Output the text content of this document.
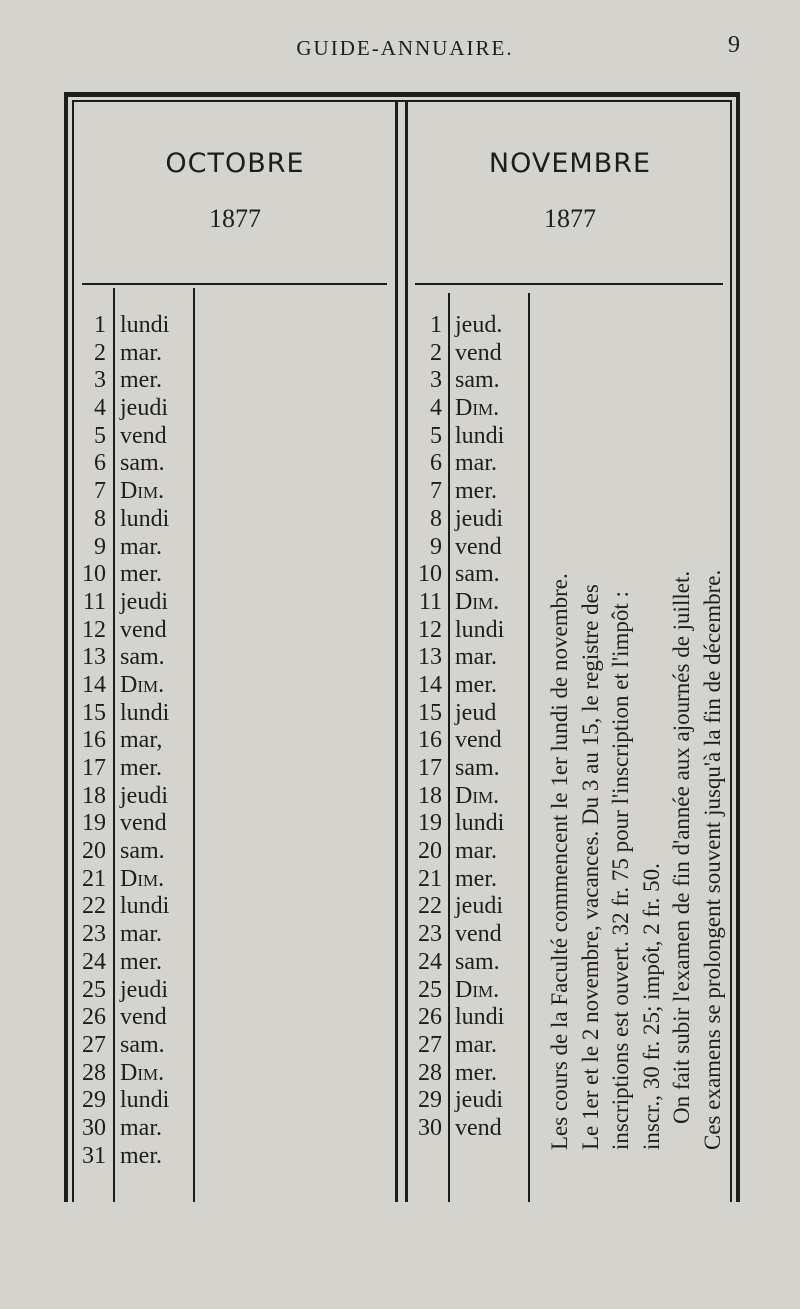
GUIDE-ANNUAIRE.	9
OCTOBRE
1877
NOVEMBRE
1877
1 lundi
2 mar.
3 mer.
4 jeudi
5 vend
6 sam.
7 Dim.
8 lundi
9 mar.
10 mer.
11 jeudi
12 vend
13 sam.
14 Dim.
15 lundi
16 mar,
17 mer.
18 jeudi
19 vend
20 sam.
21 Dim.
22 lundi
23 mar.
24 mer.
25 jeudi
26 vend
27 sam.
28 Dim.
29 lundi
30 mar.
31 mer.
1 jeud.
2 vend
3 sam.
4 Dim.
5 lundi
6 mar.
7 mer.
8 jeudi
9 vend
10 sam.
11 Dim.
12 lundi
13 mar.
14 mer.
15 jeud
16 vend
17 sam.
18 Dim.
19 lundi
20 mar.
21 mer.
22 jeudi
23 vend
24 sam.
25 Dim.
26 lundi
27 mar.
28 mer.
29 jeudi
30 vend Les cours de la Faculté commencent le 1er lundi de novembre. Le 1er et le 2 novembre, vacances. Du 3 au 15, le registre des inscriptions est ouvert. 32 fr. 75 pour l'inscription et l'impôt : inscr., 30 fr. 25; impôt, 2 fr. 50. On fait subir l'examen de fin d'année aux ajournés de juillet. Ces examens se prolongent souvent jusqu'à la fin de décembre.
